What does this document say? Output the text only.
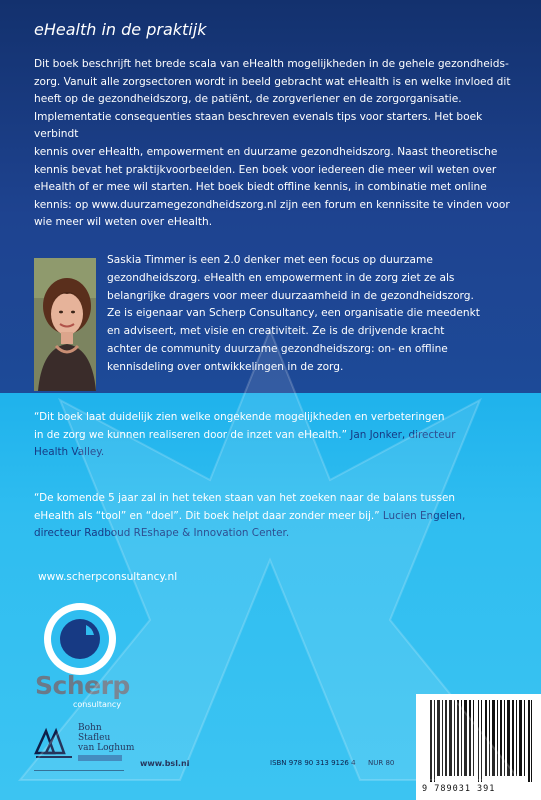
eHealth in de praktijk
Dit boek beschrijft het brede scala van eHealth mogelijkheden in de gehele gezondheids-
zorg. Vanuit alle zorgsectoren wordt in beeld gebracht wat eHealth is en welke invloed dit
heeft op de gezondheidszorg, de patiënt, de zorgverlener en de zorgorganisatie.
Implementatie consequenties staan beschreven evenals tips voor starters. Het boek verbindt
kennis over eHealth, empowerment en duurzame gezondheidszorg. Naast theoretische
kennis bevat het praktijkvoorbeelden. Een boek voor iedereen die meer wil weten over
eHealth of er mee wil starten. Het boek biedt offline kennis, in combinatie met online
kennis: op www.duurzamegezondheidszorg.nl zijn een forum en kennissite te vinden voor
wie meer wil weten over eHealth.
Saskia Timmer is een 2.0 denker met een focus op duurzame
gezondheidszorg. eHealth en empowerment in de zorg ziet ze als
belangrijke dragers voor meer duurzaamheid in de gezondheidszorg.
Ze is eigenaar van Scherp Consultancy, een organisatie die meedenkt
en adviseert, met visie en creativiteit. Ze is de drijvende kracht
achter de community duurzame gezondheidszorg: on- en offline
kennisdeling over ontwikkelingen in de zorg.
“Dit boek laat duidelijk zien welke ongekende mogelijkheden en verbeteringen
in de zorg we kunnen realiseren door de inzet van eHealth.” Jan Jonker, directeur
Health Valley.
“De komende 5 jaar zal in het teken staan van het zoeken naar de balans tussen
eHealth als “tool” en “doel”. Dit boek helpt daar zonder meer bij.” Lucien Engelen,
directeur Radboud REshape & Innovation Center.
www.scherpconsultancy.nl
Scherp
consultancy
Bohn
Stafleu
van Loghum
www.bsl.nl	ISBN 978 90 313 9126 4 NUR 80
9 789031 391
